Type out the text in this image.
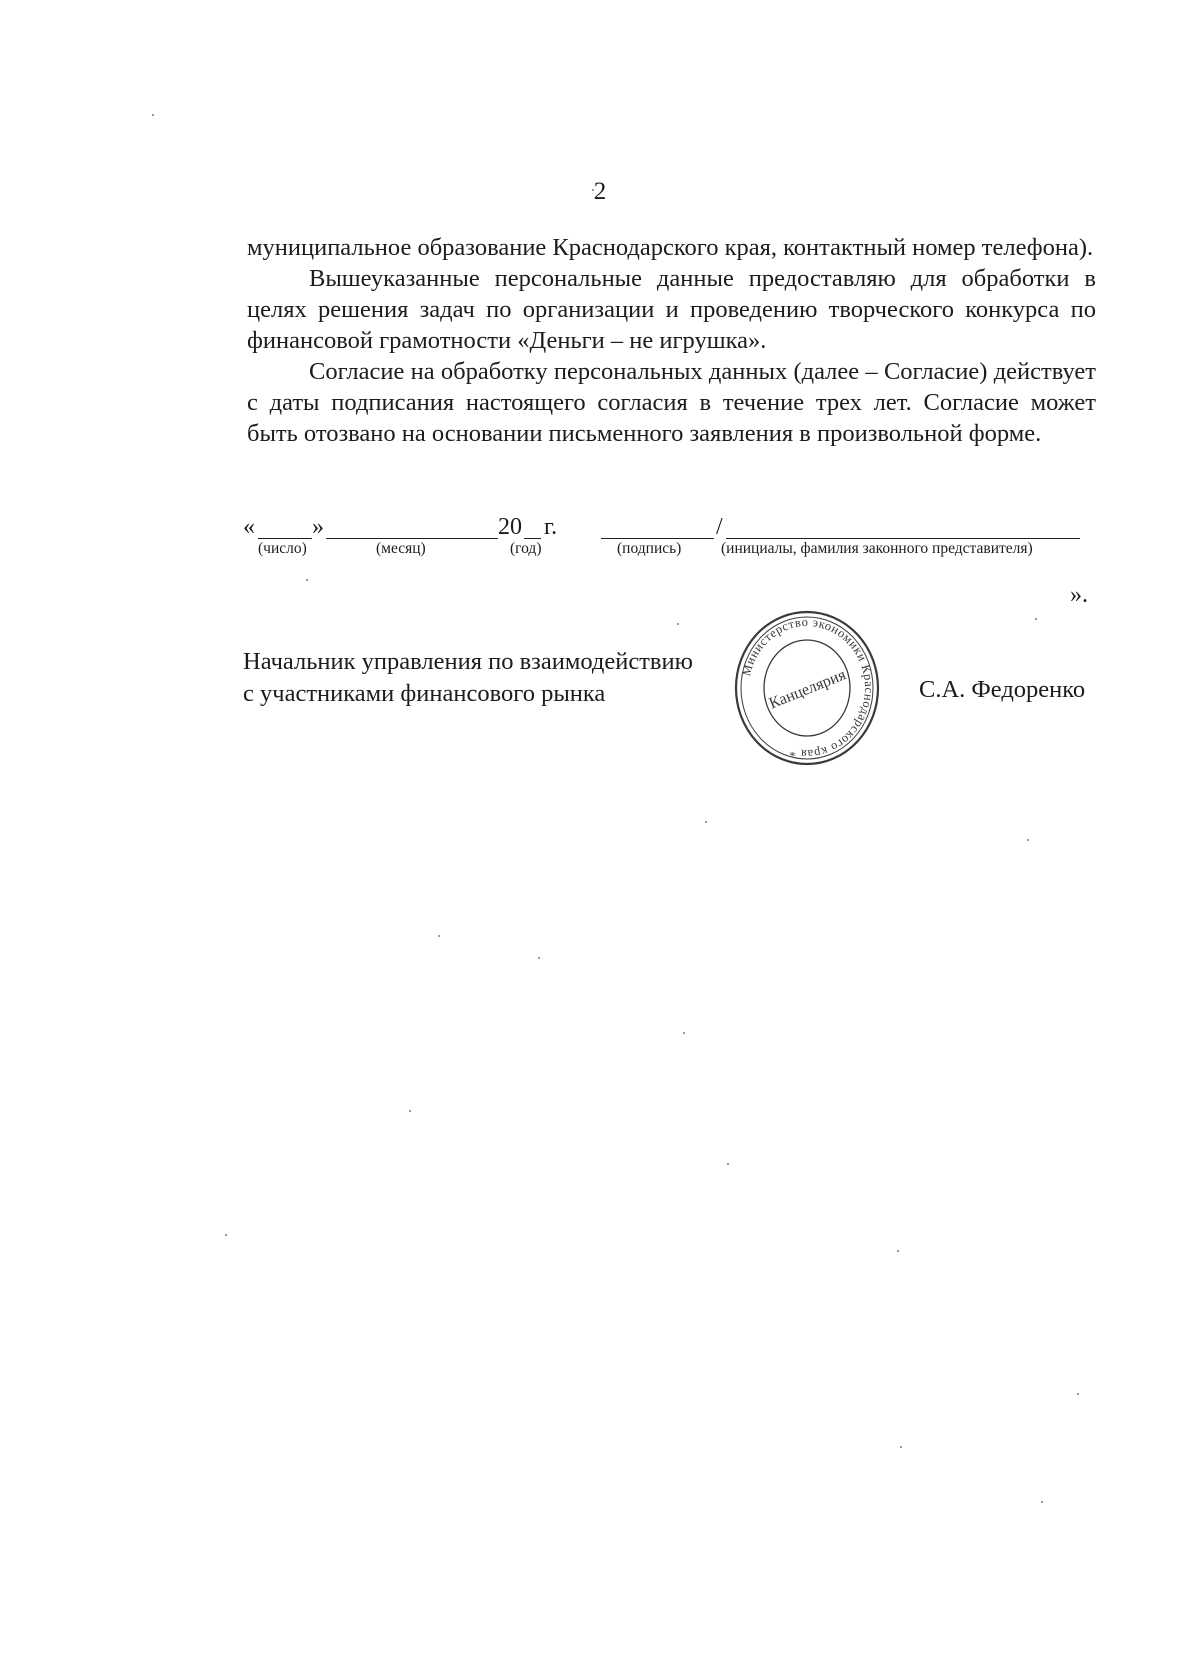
2

муниципальное образование Краснодарского края, контактный номер телефона).

Вышеуказанные персональные данные предоставляю для обработки в целях решения задач по организации и проведению творческого конкурса по финансовой грамотности «Деньги – не игрушка».

Согласие на обработку персональных данных (далее – Согласие) действует с даты подписания настоящего согласия в течение трех лет. Согласие может быть отозвано на основании письменного заявления в произвольной форме.

« »	20 г.	/
(число)	(месяц)	(год)	(подпись)	(инициалы, фамилия законного представителя)
».
Начальник управления по взаимодействию
с участниками финансового рынка
Министерство экономики Краснодарского края *
Канцелярия	С.А. Федоренко
